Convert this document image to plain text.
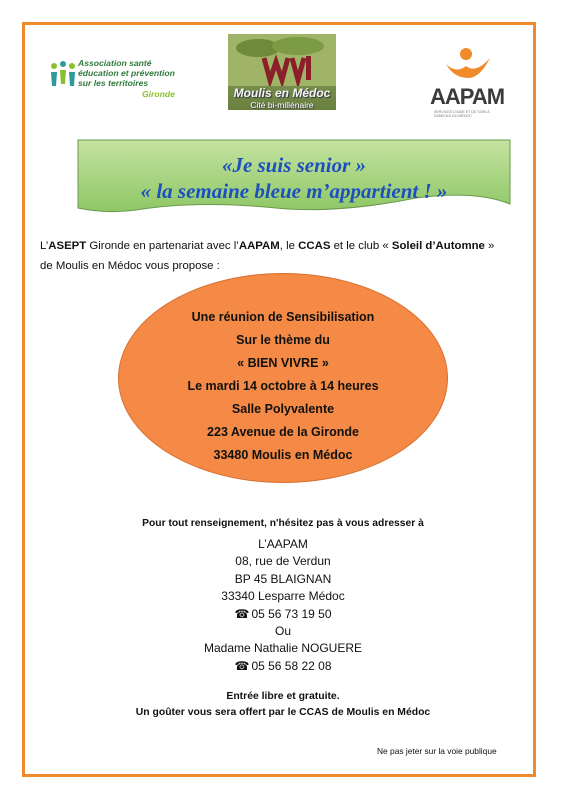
Association santé
éducation et prévention
sur les territoires
Gironde	Moulis en Médoc
Cité bi-millénaire	AAPAM
SERVICES D'AIDE ET DE SOIN À DOMICILE DU MÉDOC
«Je suis senior »
« la semaine bleue m’appartient ! »
L’ASEPT Gironde en partenariat avec l’AAPAM, le CCAS et le club « Soleil d’Automne »
de Moulis en Médoc vous propose :
Une réunion de Sensibilisation
Sur le thème du
« BIEN VIVRE »
Le mardi 14 octobre à 14 heures
Salle Polyvalente
223 Avenue de la Gironde
33480 Moulis en Médoc
Pour tout renseignement, n'hésitez pas à vous adresser à
L’AAPAM
08, rue de Verdun
BP 45 BLAIGNAN
33340 Lesparre Médoc
☎ 05 56 73 19 50
Ou
Madame Nathalie NOGUERE
☎ 05 56 58 22 08
Entrée libre et gratuite.
Un goûter vous sera offert par le CCAS de Moulis en Médoc
Ne pas jeter sur la voie publique
